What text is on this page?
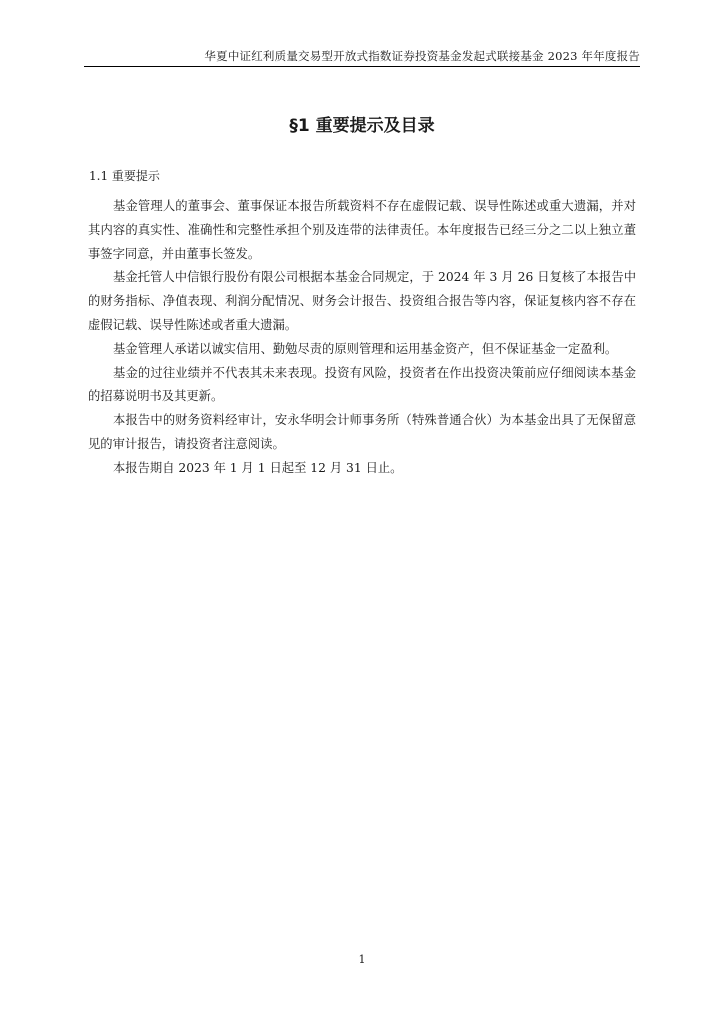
华夏中证红利质量交易型开放式指数证券投资基金发起式联接基金 2023 年年度报告
§1 重要提示及目录
1.1 重要提示

基金管理人的董事会、董事保证本报告所载资料不存在虚假记载、误导性陈述或重大遗漏，并对其内容的真实性、准确性和完整性承担个别及连带的法律责任。本年度报告已经三分之二以上独立董事签字同意，并由董事长签发。

基金托管人中信银行股份有限公司根据本基金合同规定，于 2024 年 3 月 26 日复核了本报告中的财务指标、净值表现、利润分配情况、财务会计报告、投资组合报告等内容，保证复核内容不存在虚假记载、误导性陈述或者重大遗漏。

基金管理人承诺以诚实信用、勤勉尽责的原则管理和运用基金资产，但不保证基金一定盈利。

基金的过往业绩并不代表其未来表现。投资有风险，投资者在作出投资决策前应仔细阅读本基金的招募说明书及其更新。

本报告中的财务资料经审计，安永华明会计师事务所（特殊普通合伙）为本基金出具了无保留意见的审计报告，请投资者注意阅读。

本报告期自 2023 年 1 月 1 日起至 12 月 31 日止。

1
